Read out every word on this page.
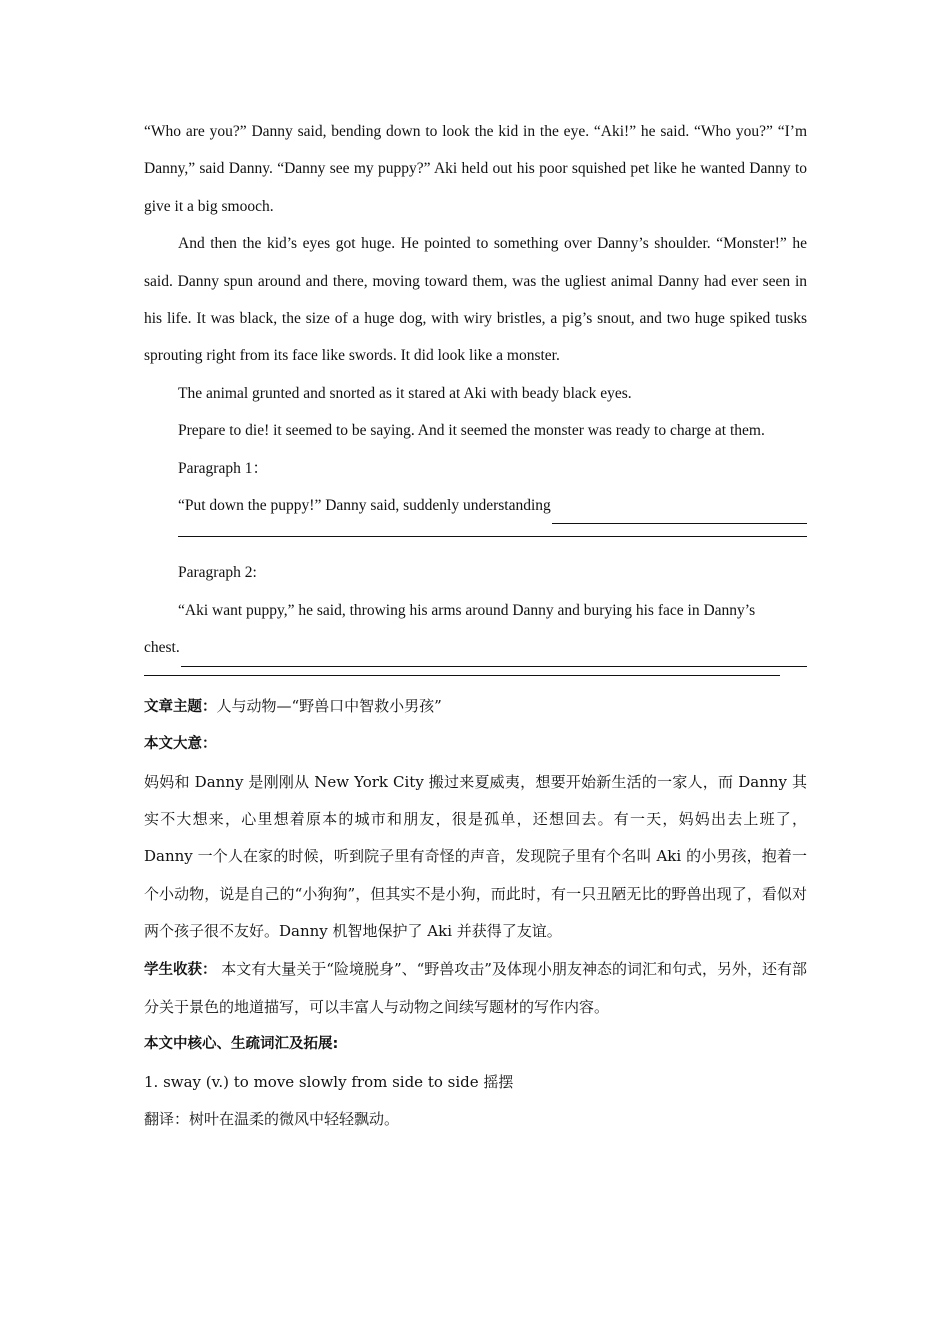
“Who are you?” Danny said, bending down to look the kid in the eye. “Aki!” he said. “Who you?” “I’m Danny,” said Danny. “Danny see my puppy?” Aki held out his poor squished pet like he wanted Danny to give it a big smooch.

And then the kid’s eyes got huge. He pointed to something over Danny’s shoulder. “Monster!” he said. Danny spun around and there, moving toward them, was the ugliest animal Danny had ever seen in his life. It was black, the size of a huge dog, with wiry bristles, a pig’s snout, and two huge spiked tusks sprouting right from its face like swords. It did look like a monster.

The animal grunted and snorted as it stared at Aki with beady black eyes.

Prepare to die! it seemed to be saying. And it seemed the monster was ready to charge at them.

Paragraph 1：

“Put down the puppy!” Danny said, suddenly understanding

Paragraph 2:

“Aki want puppy,” he said, throwing his arms around Danny and burying his face in Danny’s

chest.

文章主题：人与动物—“野兽口中智救小男孩”

本文大意：

妈妈和 Danny 是刚刚从 New York City 搬过来夏威夷，想要开始新生活的一家人，而 Danny 其实不大想来，心里想着原本的城市和朋友，很是孤单，还想回去。有一天，妈妈出去上班了，Danny 一个人在家的时候，听到院子里有奇怪的声音，发现院子里有个名叫 Aki 的小男孩，抱着一个小动物，说是自己的“小狗狗”，但其实不是小狗，而此时，有一只丑陋无比的野兽出现了，看似对两个孩子很不友好。Danny 机智地保护了 Aki 并获得了友谊。

学生收获： 本文有大量关于“险境脱身”、“野兽攻击”及体现小朋友神态的词汇和句式，另外，还有部分关于景色的地道描写，可以丰富人与动物之间续写题材的写作内容。

本文中核心、生疏词汇及拓展:

1. sway (v.) to move slowly from side to side 摇摆

翻译：树叶在温柔的微风中轻轻飘动。
